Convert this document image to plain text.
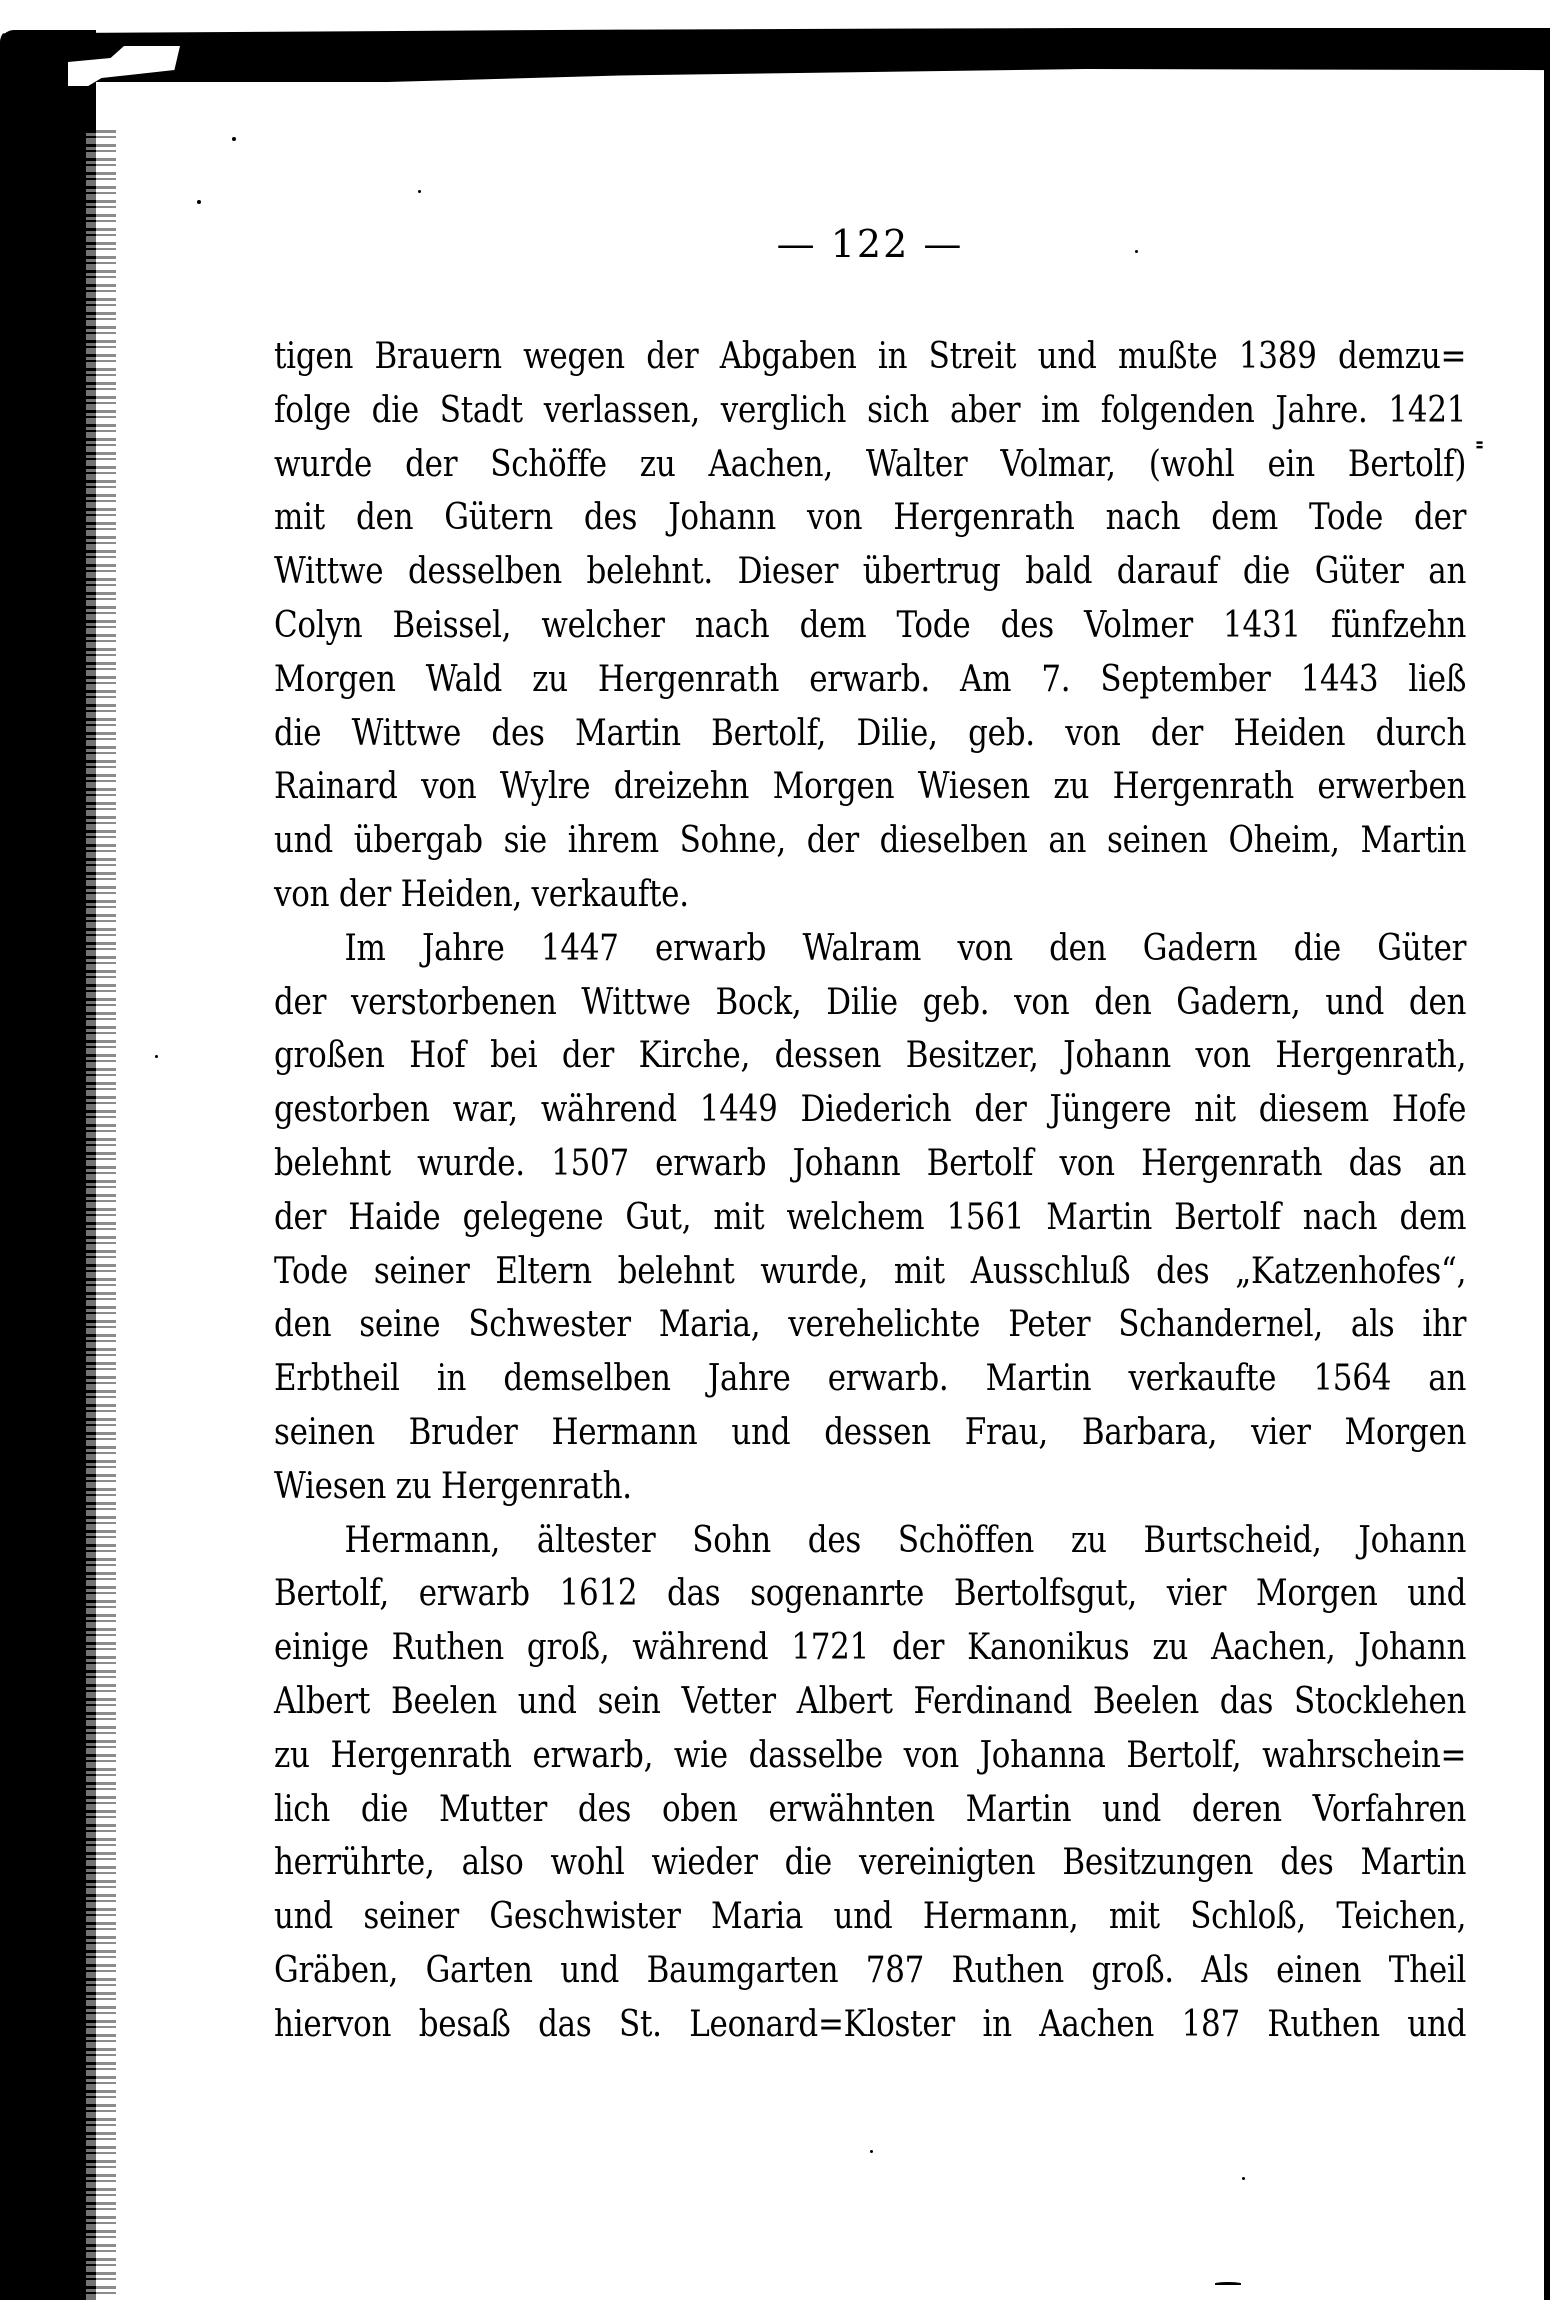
— 122 —
tigen Brauern wegen der Abgaben in Streit und mußte 1389 demzu=
folge die Stadt verlassen, verglich sich aber im folgenden Jahre. 1421
wurde der Schöffe zu Aachen, Walter Volmar, (wohl ein Bertolf)
mit den Gütern des Johann von Hergenrath nach dem Tode der
Wittwe desselben belehnt. Dieser übertrug bald darauf die Güter an
Colyn Beissel, welcher nach dem Tode des Volmer 1431 fünfzehn
Morgen Wald zu Hergenrath erwarb. Am 7. September 1443 ließ
die Wittwe des Martin Bertolf, Dilie, geb. von der Heiden durch
Rainard von Wylre dreizehn Morgen Wiesen zu Hergenrath erwerben
und übergab sie ihrem Sohne, der dieselben an seinen Oheim, Martin
von der Heiden, verkaufte.
Im Jahre 1447 erwarb Walram von den Gadern die Güter
der verstorbenen Wittwe Bock, Dilie geb. von den Gadern, und den
großen Hof bei der Kirche, dessen Besitzer, Johann von Hergenrath,
gestorben war, während 1449 Diederich der Jüngere nit diesem Hofe
belehnt wurde. 1507 erwarb Johann Bertolf von Hergenrath das an
der Haide gelegene Gut, mit welchem 1561 Martin Bertolf nach dem
Tode seiner Eltern belehnt wurde, mit Ausschluß des „Katzenhofes“,
den seine Schwester Maria, verehelichte Peter Schandernel, als ihr
Erbtheil in demselben Jahre erwarb. Martin verkaufte 1564 an
seinen Bruder Hermann und dessen Frau, Barbara, vier Morgen
Wiesen zu Hergenrath.
Hermann, ältester Sohn des Schöffen zu Burtscheid, Johann
Bertolf, erwarb 1612 das sogenanrte Bertolfsgut, vier Morgen und
einige Ruthen groß, während 1721 der Kanonikus zu Aachen, Johann
Albert Beelen und sein Vetter Albert Ferdinand Beelen das Stocklehen
zu Hergenrath erwarb, wie dasselbe von Johanna Bertolf, wahrschein=
lich die Mutter des oben erwähnten Martin und deren Vorfahren
herrührte, also wohl wieder die vereinigten Besitzungen des Martin
und seiner Geschwister Maria und Hermann, mit Schloß, Teichen,
Gräben, Garten und Baumgarten 787 Ruthen groß. Als einen Theil
hiervon besaß das St. Leonard=Kloster in Aachen 187 Ruthen und
⹀
